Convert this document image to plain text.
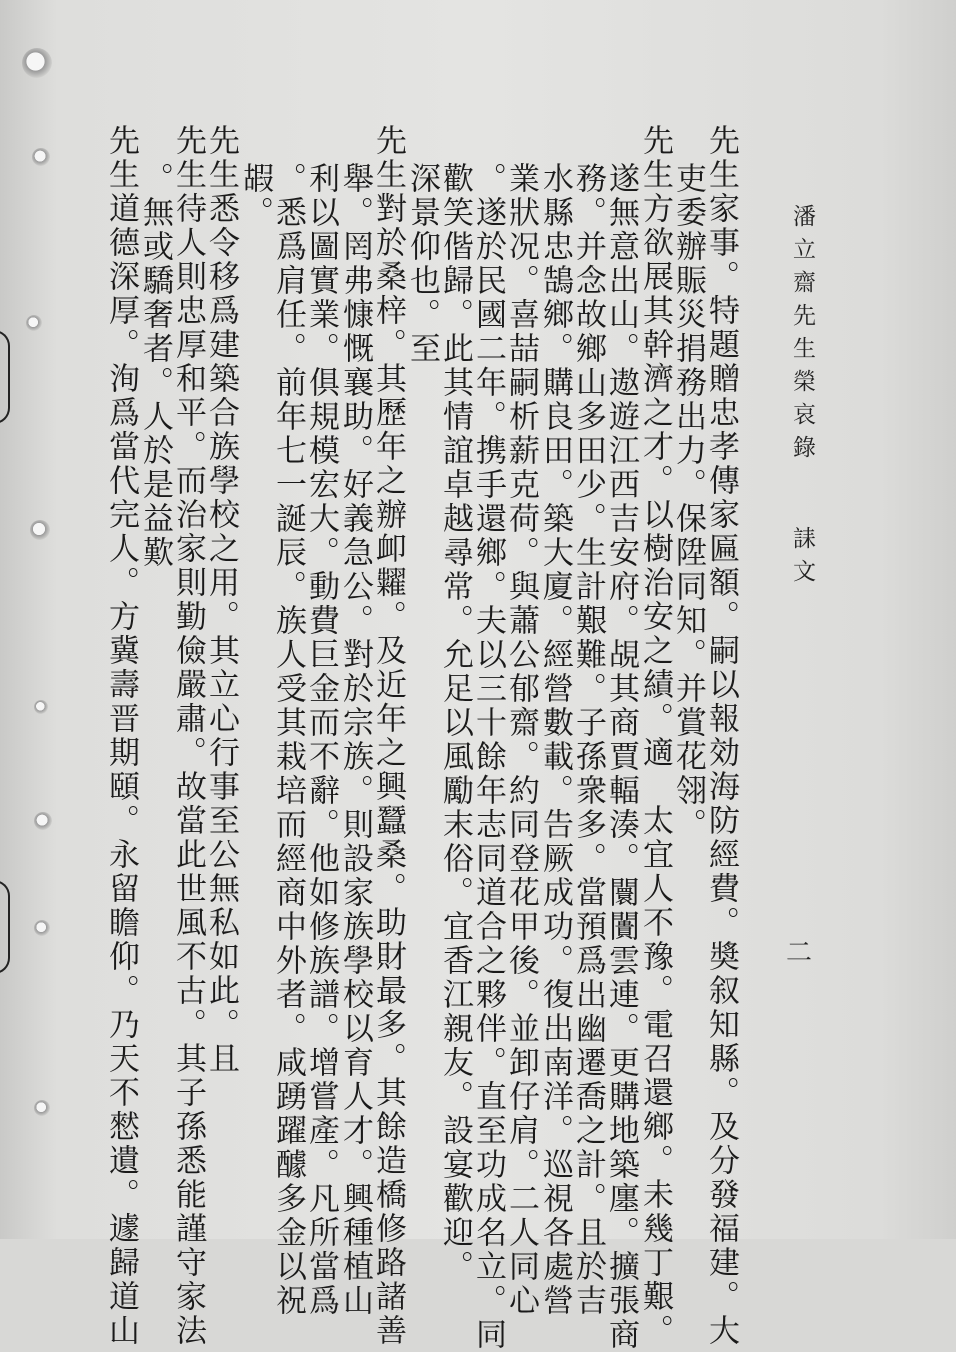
潘立齋先生榮哀錄
誄文
二
先生家事。特題贈忠孝傳家匾額。嗣以報効海防經費。奬叙知縣。及分發福建。大
吏委辦賑災捐務出力。保陞同知。并賞花翎。
先生方欲展其幹濟之才。以樹治安之績。適　太宜人不豫。電召還鄉。未幾丁艱。
遂無意出山。遨遊江西吉安府。覘其商賈輻湊。闤闠雲連。更購地築廛。擴張商
務。并念故鄉山多田少。生計艱難。子孫衆多。當預爲出幽遷喬之計。且於吉
水縣忠鵠鄉。購良田。築大廈。經營數載。告厥成功。復出南洋。巡視各處營
業狀况。喜喆嗣析薪克荷。與蕭公郁齋。約同登花甲後。並卸仔肩。二人同心
。遂於民國二年。携手還鄉。夫以三十餘年志同道合之夥伴。直至功成名立。同
歡笑偕歸。此其情誼卓越尋常。允足以風勵末俗。宜香江親友。設宴歡迎。
深景仰也。至
先生對於桑梓。其歷年之辦卹糶。及近年之興蠶桑。助財最多。其餘造橋修路諸善
舉。罔弗慷慨襄助。好義急公。對於宗族。則設家族學校以育人才。興種植山
利以圖實業。俱規模宏大。動費巨金而不辭。他如修族譜。增嘗產。凡所當爲
。悉爲肩任。前年七一誕辰。族人受其栽培而經商中外者。咸踴躍醵多金以祝
嘏。
先生悉令移爲建築合族學校之用。其立心行事至公無私如此。且
先生待人則忠厚和平。而治家則勤儉嚴肅。故當此世風不古。其子孫悉能謹守家法
。無或驕奢者。人於是益歎
先生道德深厚。洵爲當代完人。方冀壽晋期頤。永留瞻仰。乃天不憖遺。遽歸道山
